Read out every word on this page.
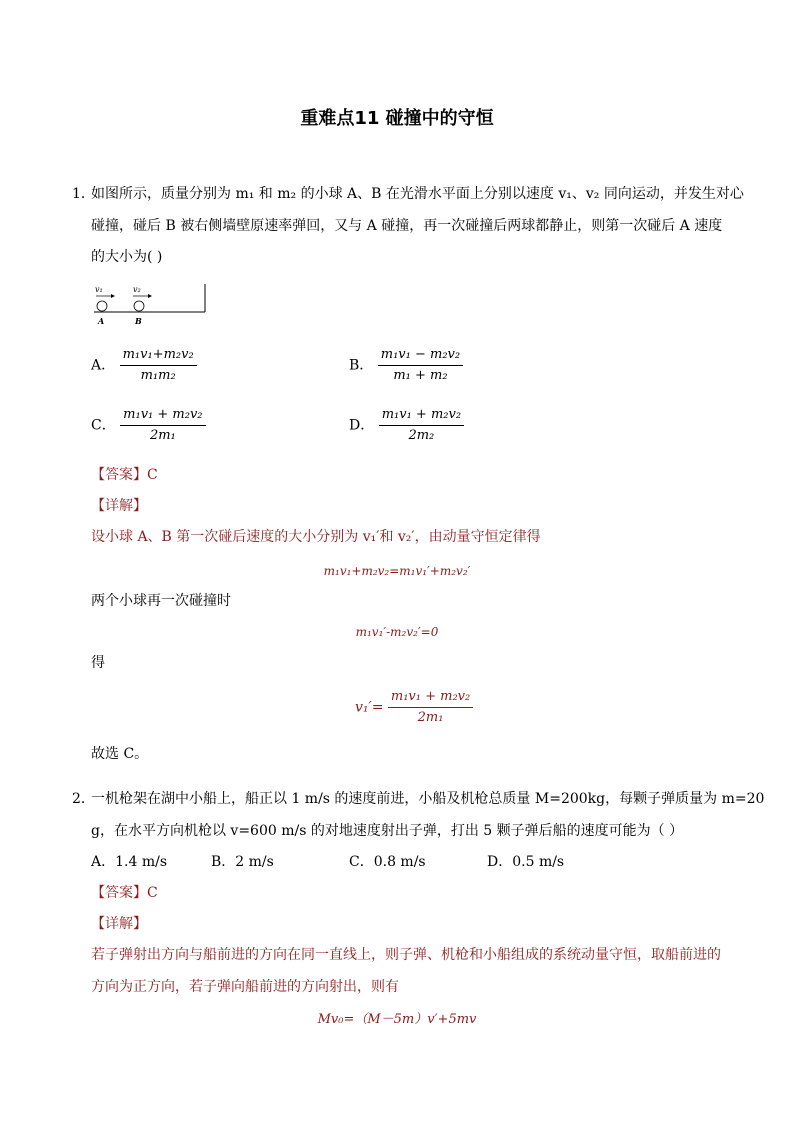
重难点11 碰撞中的守恒
1．
如图所示，质量分别为 m₁ 和 m₂ 的小球 A、B 在光滑水平面上分别以速度 v₁、v₂ 同向运动，并发生对心
碰撞，碰后 B 被右侧墙壁原速率弹回，又与 A 碰撞，再一次碰撞后两球都静止，则第一次碰后 A 速度
的大小为( )
v₁	v₂
A	B
A． $\frac{\text{m₁v₁+m₂v₂}}{\text{m₁m₂}}$	B． $\frac{\text{m₁v₁ − m₂v₂}}{\text{m₁ + m₂}}$
C． $\frac{\text{m₁v₁ + m₂v₂}}{\text{2m₁}}$	D． $\frac{\text{m₁v₁ + m₂v₂}}{\text{2m₂}}$
【答案】C
【详解】
设小球 A、B 第一次碰后速度的大小分别为 v₁′和 v₂′，由动量守恒定律得
m₁v₁+m₂v₂=m₁v₁′+m₂v₂′
两个小球再一次碰撞时
m₁v₁′-m₂v₂′=0
得
$v_1'= \frac{\text{m₁v₁ + m₂v₂}}{\text{2m₁}}$
故选 C。
2．
一机枪架在湖中小船上，船正以 1 m/s 的速度前进，小船及机枪总质量 M=200kg，每颗子弹质量为 m=20
g，在水平方向机枪以 v=600 m/s 的对地速度射出子弹，打出 5 颗子弹后船的速度可能为（ ）
A．1.4 m/s	B．2 m/s	C．0.8 m/s	D．0.5 m/s
【答案】C
【详解】
若子弹射出方向与船前进的方向在同一直线上，则子弹、机枪和小船组成的系统动量守恒，取船前进的
方向为正方向，若子弹向船前进的方向射出，则有
Mv₀=（M－5m）v′+5mv
